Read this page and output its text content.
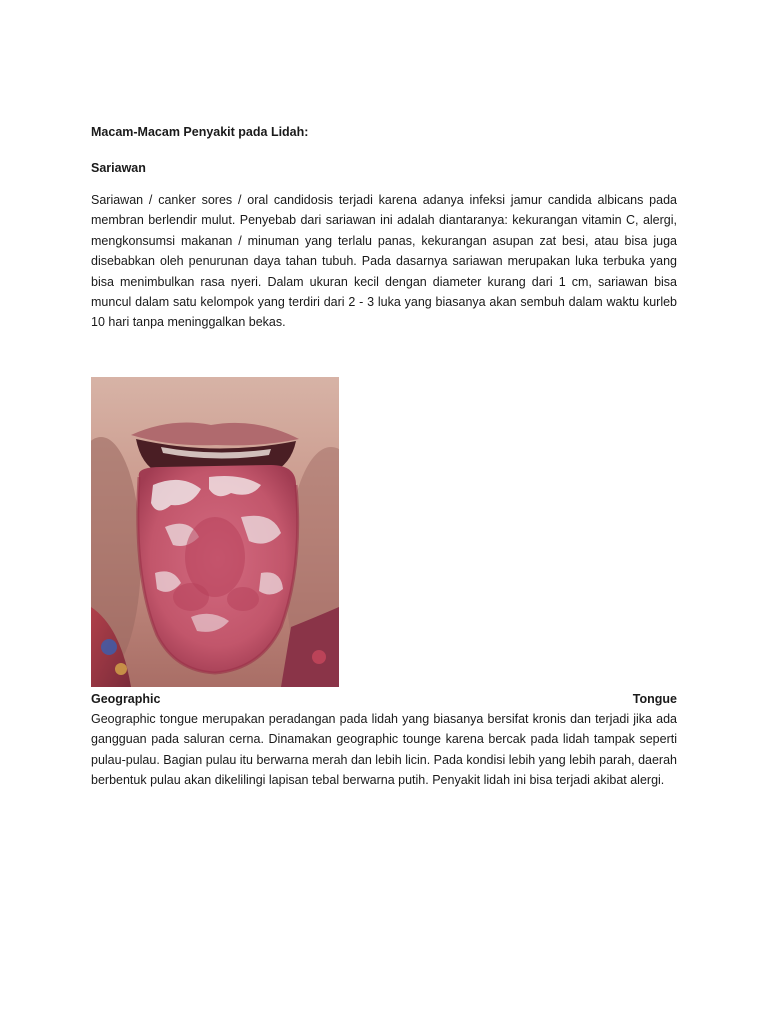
Macam-Macam Penyakit pada Lidah:

Sariawan

Sariawan / canker sores / oral candidosis terjadi karena adanya infeksi jamur candida albicans pada membran berlendir mulut. Penyebab dari sariawan ini adalah diantaranya: kekurangan vitamin C, alergi, mengkonsumsi makanan / minuman yang terlalu panas, kekurangan asupan zat besi, atau bisa juga disebabkan oleh penurunan daya tahan tubuh. Pada dasarnya sariawan merupakan luka terbuka yang bisa menimbulkan rasa nyeri. Dalam ukuran kecil dengan diameter kurang dari 1 cm, sariawan bisa muncul dalam satu kelompok yang terdiri dari 2 - 3 luka yang biasanya akan sembuh dalam waktu kurleb 10 hari tanpa meninggalkan bekas.

Geographic	Tongue

Geographic tongue merupakan peradangan pada lidah yang biasanya bersifat kronis dan terjadi jika ada gangguan pada saluran cerna. Dinamakan geographic tounge karena bercak pada lidah tampak seperti pulau-pulau. Bagian pulau itu berwarna merah dan lebih licin. Pada kondisi lebih yang lebih parah, daerah berbentuk pulau akan dikelilingi lapisan tebal berwarna putih. Penyakit lidah ini bisa terjadi akibat alergi.
